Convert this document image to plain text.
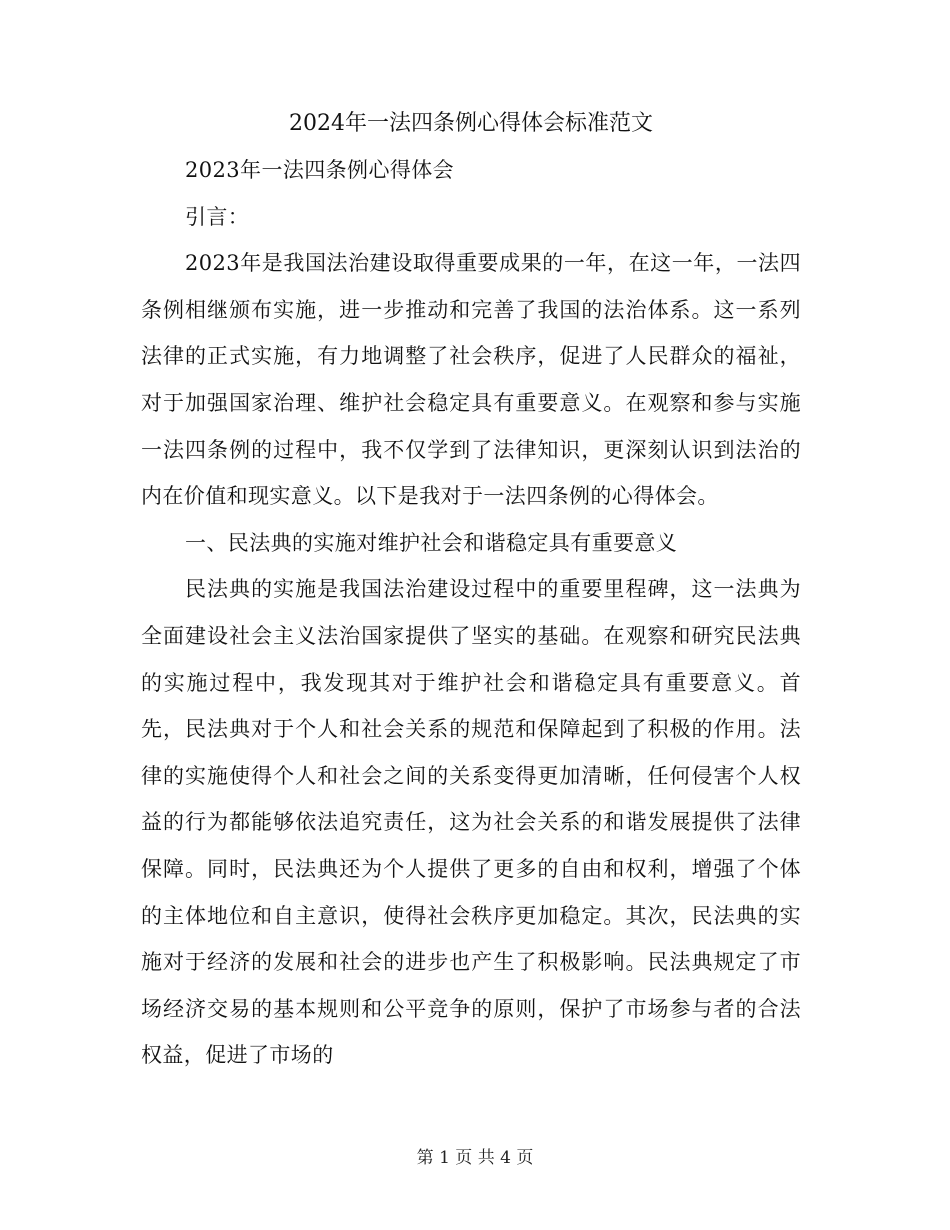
2024年一法四条例心得体会标准范文

2023年一法四条例心得体会

引言：

2023年是我国法治建设取得重要成果的一年，在这一年，一法四条例相继颁布实施，进一步推动和完善了我国的法治体系。这一系列法律的正式实施，有力地调整了社会秩序，促进了人民群众的福祉，对于加强国家治理、维护社会稳定具有重要意义。在观察和参与实施一法四条例的过程中，我不仅学到了法律知识，更深刻认识到法治的内在价值和现实意义。以下是我对于一法四条例的心得体会。

一、民法典的实施对维护社会和谐稳定具有重要意义

民法典的实施是我国法治建设过程中的重要里程碑，这一法典为全面建设社会主义法治国家提供了坚实的基础。在观察和研究民法典的实施过程中，我发现其对于维护社会和谐稳定具有重要意义。首先，民法典对于个人和社会关系的规范和保障起到了积极的作用。法律的实施使得个人和社会之间的关系变得更加清晰，任何侵害个人权益的行为都能够依法追究责任，这为社会关系的和谐发展提供了法律保障。同时，民法典还为个人提供了更多的自由和权利，增强了个体的主体地位和自主意识，使得社会秩序更加稳定。其次，民法典的实施对于经济的发展和社会的进步也产生了积极影响。民法典规定了市场经济交易的基本规则和公平竞争的原则，保护了市场参与者的合法权益，促进了市场的

第 1 页 共 4 页
